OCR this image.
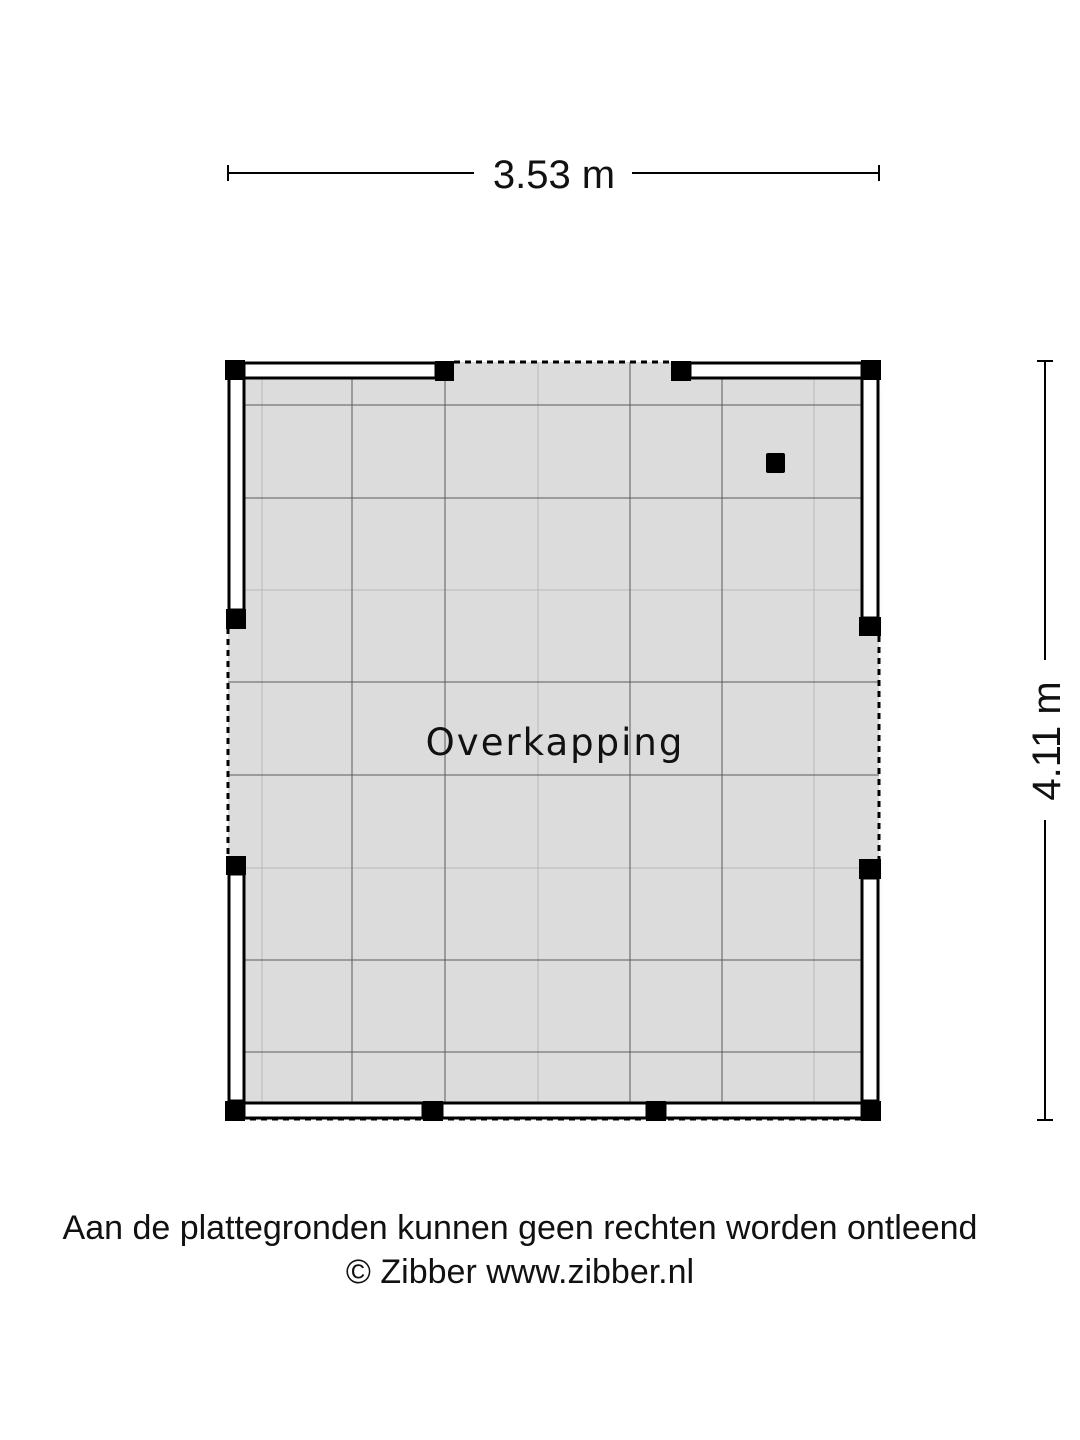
3.53 m
4.11 m
Overkapping
Aan de plattegronden kunnen geen rechten worden ontleend
© Zibber www.zibber.nl
